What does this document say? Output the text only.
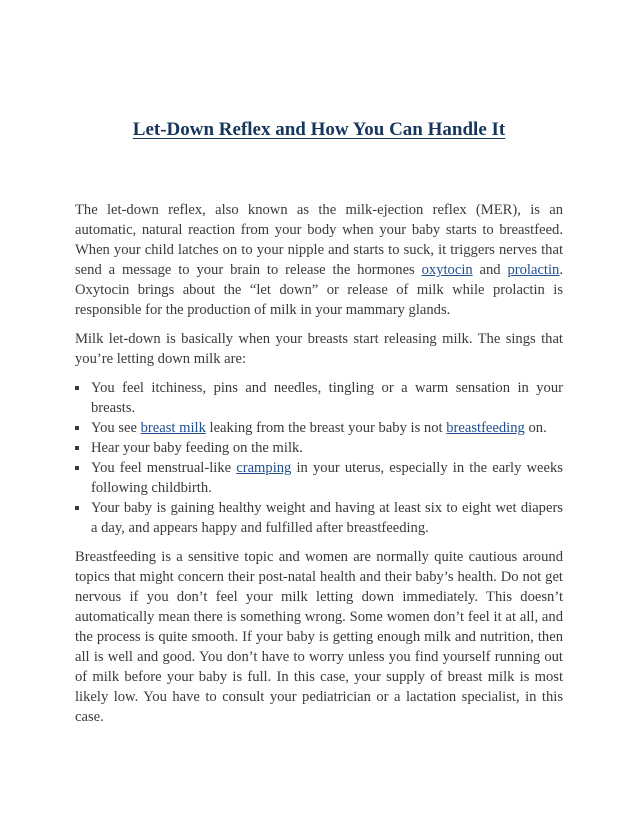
Let-Down Reflex and How You Can Handle It

The let-down reflex, also known as the milk-ejection reflex (MER), is an automatic, natural reaction from your body when your baby starts to breastfeed. When your child latches on to your nipple and starts to suck, it triggers nerves that send a message to your brain to release the hormones oxytocin and prolactin. Oxytocin brings about the “let down” or release of milk while prolactin is responsible for the production of milk in your mammary glands.

Milk let-down is basically when your breasts start releasing milk. The sings that you’re letting down milk are:

You feel itchiness, pins and needles, tingling or a warm sensation in your breasts.
You see breast milk leaking from the breast your baby is not breastfeeding on.
Hear your baby feeding on the milk.
You feel menstrual-like cramping in your uterus, especially in the early weeks following childbirth.
Your baby is gaining healthy weight and having at least six to eight wet diapers a day, and appears happy and fulfilled after breastfeeding.

Breastfeeding is a sensitive topic and women are normally quite cautious around topics that might concern their post-natal health and their baby’s health. Do not get nervous if you don’t feel your milk letting down immediately. This doesn’t automatically mean there is something wrong. Some women don’t feel it at all, and the process is quite smooth. If your baby is getting enough milk and nutrition, then all is well and good. You don’t have to worry unless you find yourself running out of milk before your baby is full. In this case, your supply of breast milk is most likely low. You have to consult your pediatrician or a lactation specialist, in this case.
